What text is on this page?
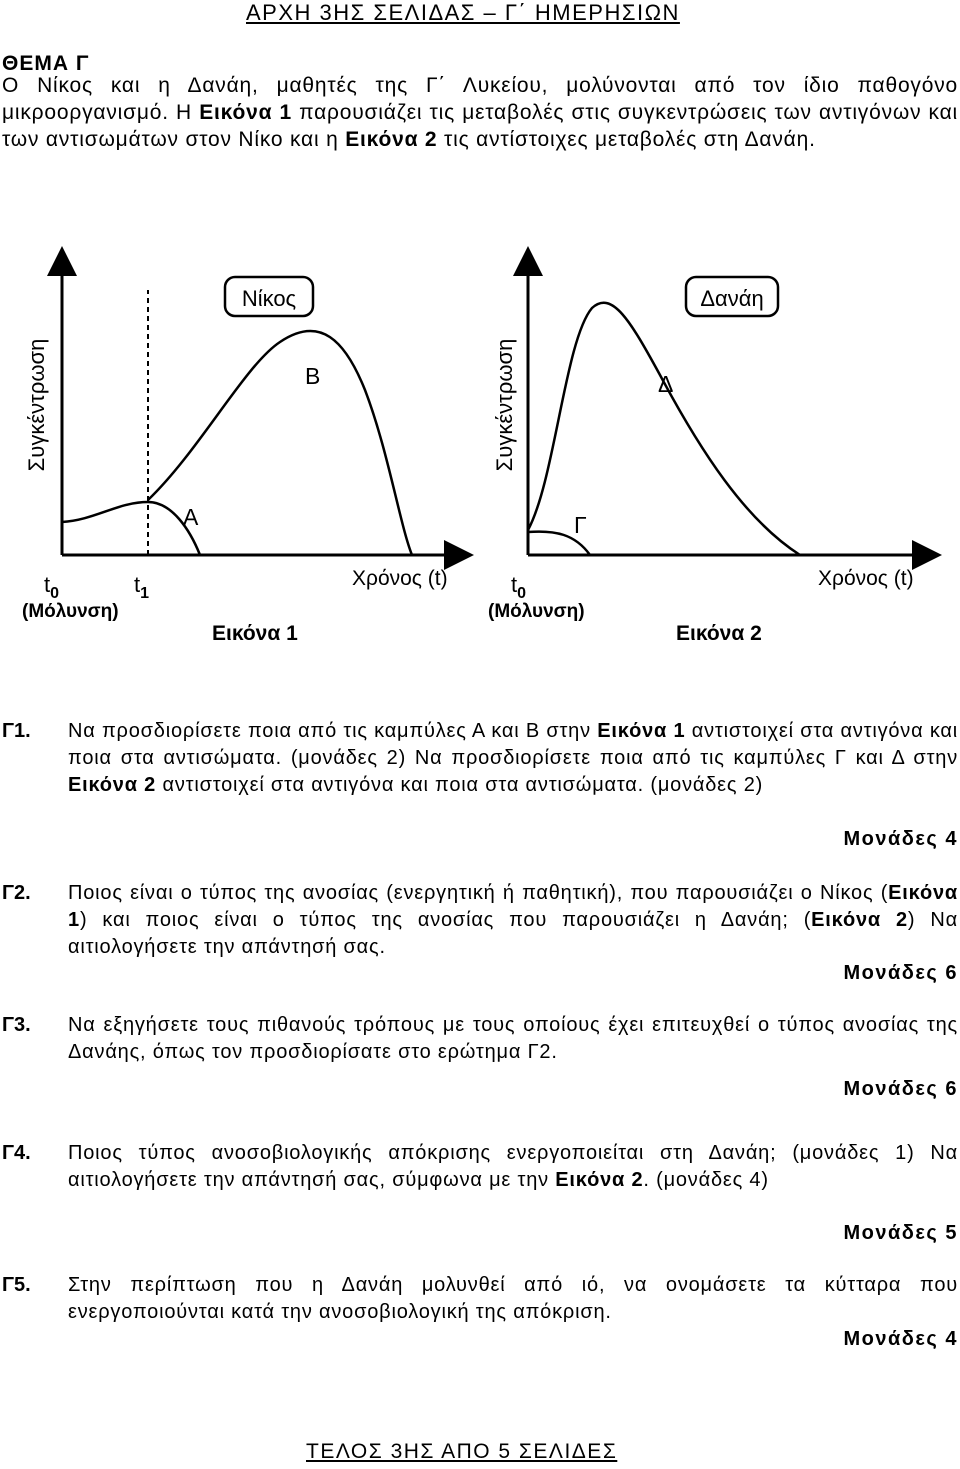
ΑΡΧΗ 3ΗΣ ΣΕΛΙΔΑΣ – Γ΄ ΗΜΕΡΗΣΙΩΝ
ΘΕΜΑ Γ

Ο Νίκος και η Δανάη, μαθητές της Γ΄ Λυκείου, μολύνονται από τον ίδιο παθογόνο μικροοργανισμό. Η Εικόνα 1 παρουσιάζει τις μεταβολές στις συγκεντρώσεις των αντιγόνων και των αντισωμάτων στον Νίκο και η Εικόνα 2 τις αντίστοιχες μεταβολές στη Δανάη.

Νίκος
Συγκέντρωση
Α
Β
$t_0$	$t_1$
(Μόλυνση)
Χρόνος (t)
Εικόνα 1
Δανάη
Συγκέντρωση
Γ
Δ
$t_0$
(Μόλυνση)
Χρόνος (t)
Εικόνα 2
Γ1. Να προσδιορίσετε ποια από τις καμπύλες Α και Β στην Εικόνα 1 αντιστοιχεί στα αντιγόνα και ποια στα αντισώματα. (μονάδες 2) Να προσδιορίσετε ποια από τις καμπύλες Γ και Δ στην Εικόνα 2 αντιστοιχεί στα αντιγόνα και ποια στα αντισώματα. (μονάδες 2)
Μονάδες 4
Γ2. Ποιος είναι ο τύπος της ανοσίας (ενεργητική ή παθητική), που παρουσιάζει ο Νίκος (Εικόνα 1) και ποιος είναι ο τύπος της ανοσίας που παρουσιάζει η Δανάη; (Εικόνα 2) Να αιτιολογήσετε την απάντησή σας.
Μονάδες 6
Γ3. Να εξηγήσετε τους πιθανούς τρόπους με τους οποίους έχει επιτευχθεί ο τύπος ανοσίας της Δανάης, όπως τον προσδιορίσατε στο ερώτημα Γ2.
Μονάδες 6
Γ4. Ποιος τύπος ανοσοβιολογικής απόκρισης ενεργοποιείται στη Δανάη; (μονάδες 1) Να αιτιολογήσετε την απάντησή σας, σύμφωνα με την Εικόνα 2. (μονάδες 4)
Μονάδες 5
Γ5. Στην περίπτωση που η Δανάη μολυνθεί από ιό, να ονομάσετε τα κύτταρα που ενεργοποιούνται κατά την ανοσοβιολογική της απόκριση.
Μονάδες 4
ΤΕΛΟΣ 3ΗΣ ΑΠΟ 5 ΣΕΛΙΔΕΣ
